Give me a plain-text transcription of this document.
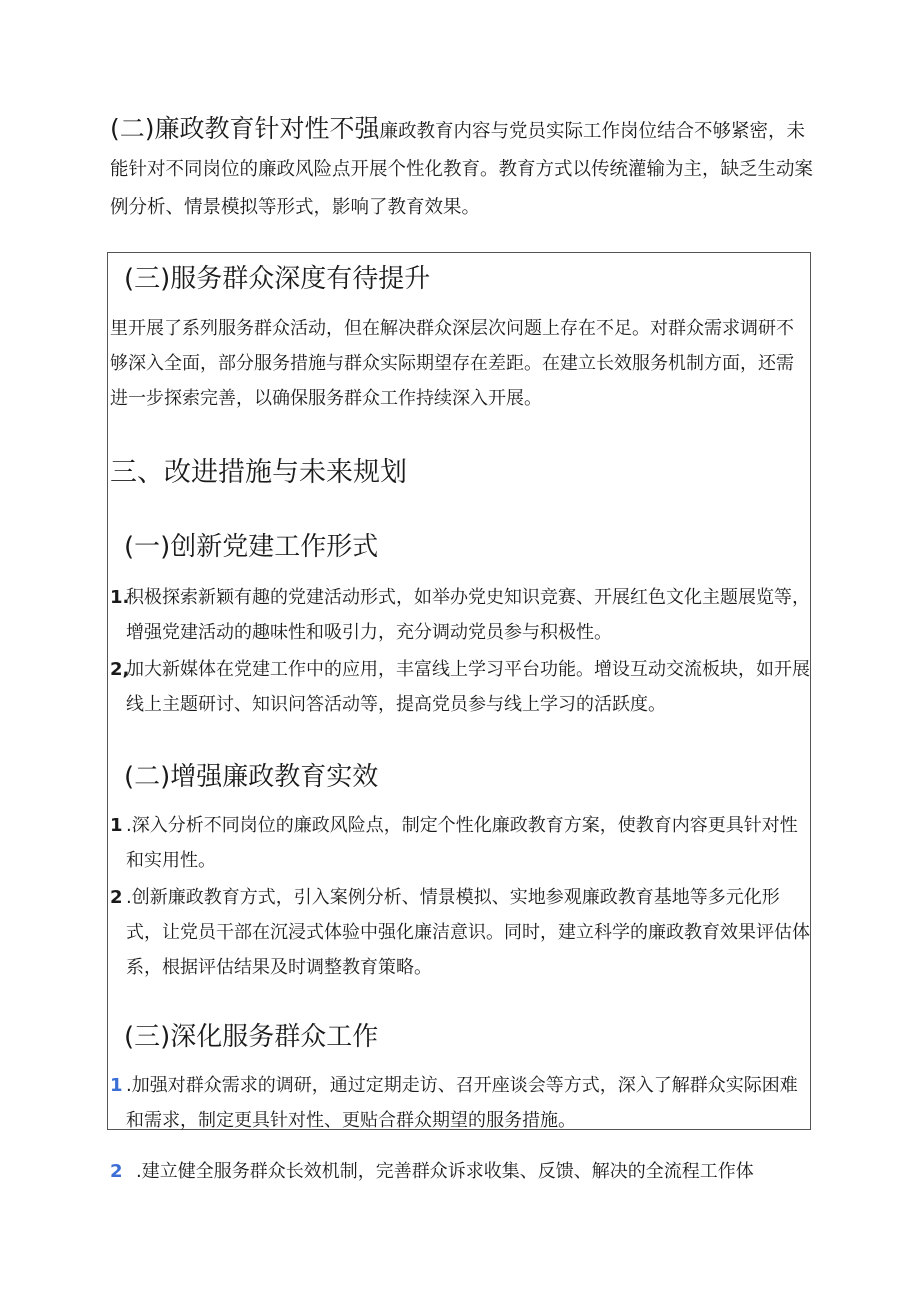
(二)廉政教育针对性不强廉政教育内容与党员实际工作岗位结合不够紧密，未能针对不同岗位的廉政风险点开展个性化教育。教育方式以传统灌输为主，缺乏生动案例分析、情景模拟等形式，影响了教育效果。
(三)服务群众深度有待提升
里开展了系列服务群众活动，但在解决群众深层次问题上存在不足。对群众需求调研不够深入全面，部分服务措施与群众实际期望存在差距。在建立长效服务机制方面，还需进一步探索完善，以确保服务群众工作持续深入开展。
三、改进措施与未来规划
(一)创新党建工作形式
1.
积极探索新颖有趣的党建活动形式，如举办党史知识竞赛、开展红色文化主题展览等，增强党建活动的趣味性和吸引力，充分调动党员参与积极性。
2,
加大新媒体在党建工作中的应用，丰富线上学习平台功能。增设互动交流板块，如开展线上主题研讨、知识问答活动等，提高党员参与线上学习的活跃度。
(二)增强廉政教育实效
1 .深入分析不同岗位的廉政风险点，制定个性化廉政教育方案，使教育内容更具针对性和实用性。
2 .创新廉政教育方式，引入案例分析、情景模拟、实地参观廉政教育基地等多元化形式，让党员干部在沉浸式体验中强化廉洁意识。同时，建立科学的廉政教育效果评估体系，根据评估结果及时调整教育策略。
(三)深化服务群众工作
1 .加强对群众需求的调研，通过定期走访、召开座谈会等方式，深入了解群众实际困难和需求，制定更具针对性、更贴合群众期望的服务措施。
2 .建立健全服务群众长效机制，完善群众诉求收集、反馈、解决的全流程工作体
